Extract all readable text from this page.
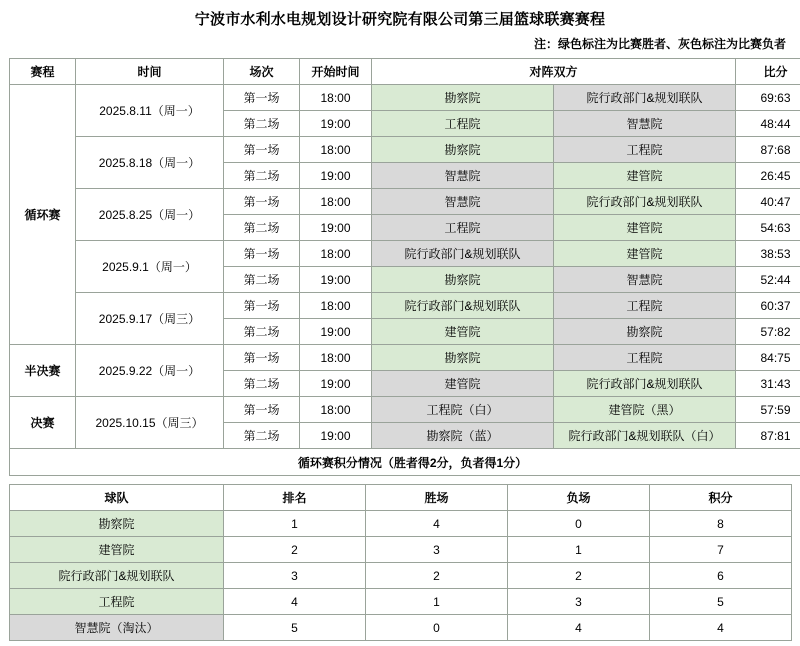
宁波市水利水电规划设计研究院有限公司第三届篮球联赛赛程
注：绿色标注为比赛胜者、灰色标注为比赛负者
赛程	时间	场次	开始时间	对阵双方		比分
循环赛	2025.8.11（周一）	第一场	18:00	勘察院	院行政部门&规划联队	69:63
		第二场	19:00	工程院	智慧院	48:44
	2025.8.18（周一）	第一场	18:00	勘察院	工程院	87:68
		第二场	19:00	智慧院	建管院	26:45
	2025.8.25（周一）	第一场	18:00	智慧院	院行政部门&规划联队	40:47
		第二场	19:00	工程院	建管院	54:63
	2025.9.1（周一）	第一场	18:00	院行政部门&规划联队	建管院	38:53
		第二场	19:00	勘察院	智慧院	52:44
	2025.9.17（周三）	第一场	18:00	院行政部门&规划联队	工程院	60:37
		第二场	19:00	建管院	勘察院	57:82
半决赛	2025.9.22（周一）	第一场	18:00	勘察院	工程院	84:75
		第二场	19:00	建管院	院行政部门&规划联队	31:43
决赛	2025.10.15（周三）	第一场	18:00	工程院（白）	建管院（黑）	57:59
		第二场	19:00	勘察院（蓝）	院行政部门&规划联队（白）	87:81
循环赛积分情况（胜者得2分，负者得1分）						
球队	排名	胜场	负场	积分
勘察院	1	4	0	8
建管院	2	3	1	7
院行政部门&规划联队	3	2	2	6
工程院	4	1	3	5
智慧院（淘汰）	5	0	4	4
